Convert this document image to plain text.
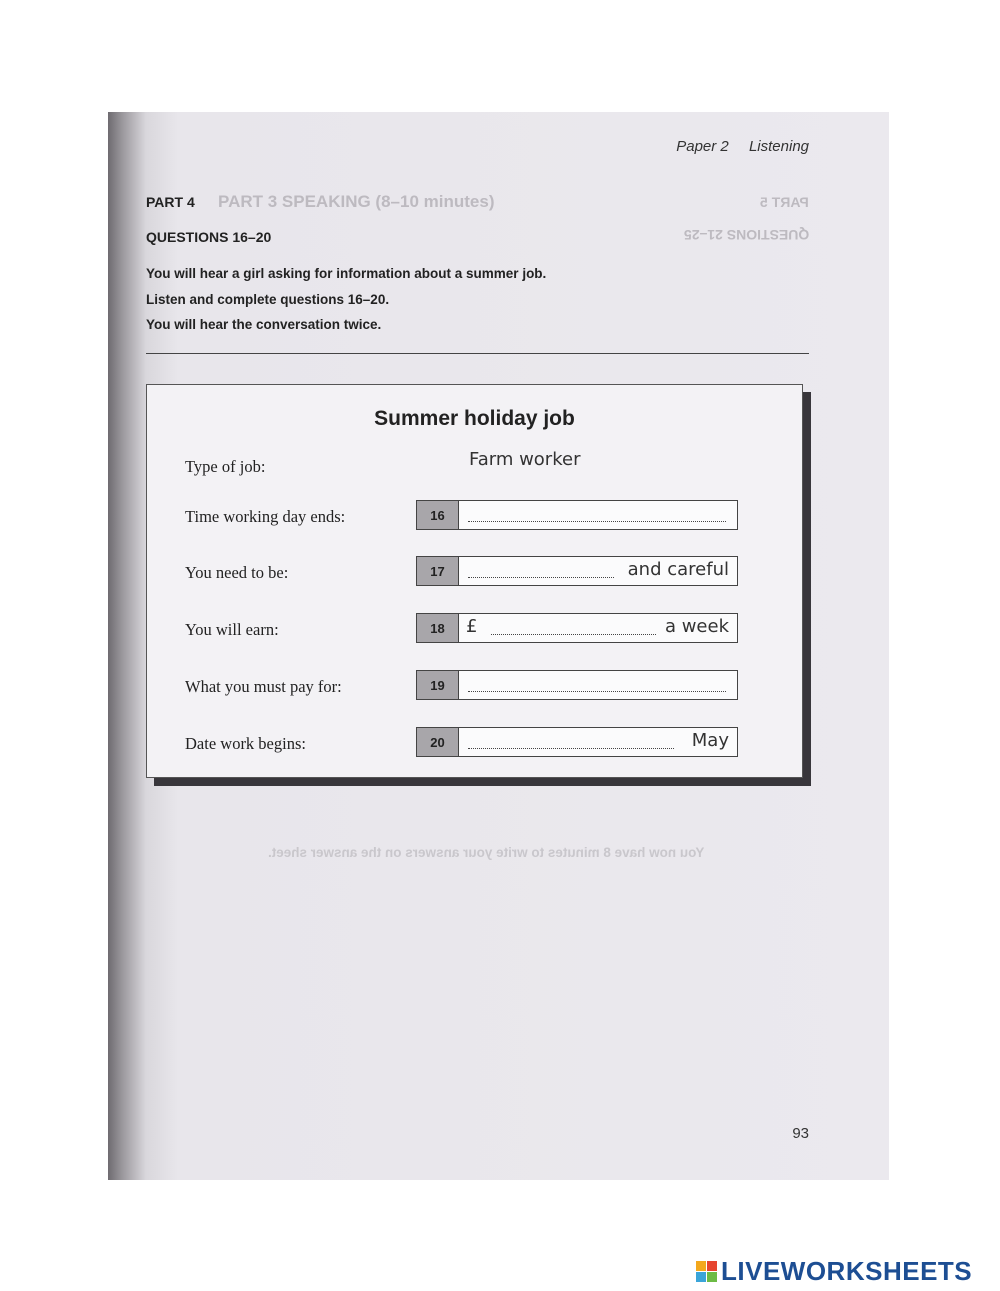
Paper 2 Listening
PART 5
PART 3 SPEAKING (8–10 minutes)
QUESTIONS 21–25
PART 4
QUESTIONS 16–20
You will hear a girl asking for information about a summer job.
Listen and complete questions 16–20.
You will hear the conversation twice.
Summer holiday job
Type of job:	Farm worker
Time working day ends:	16
You need to be:	17	and careful
You will earn:	18	£	a week
What you must pay for:	19
Date work begins:	20	May
You now have 8 minutes to write your answers on the answer sheet.
93
LIVEWORKSHEETS
